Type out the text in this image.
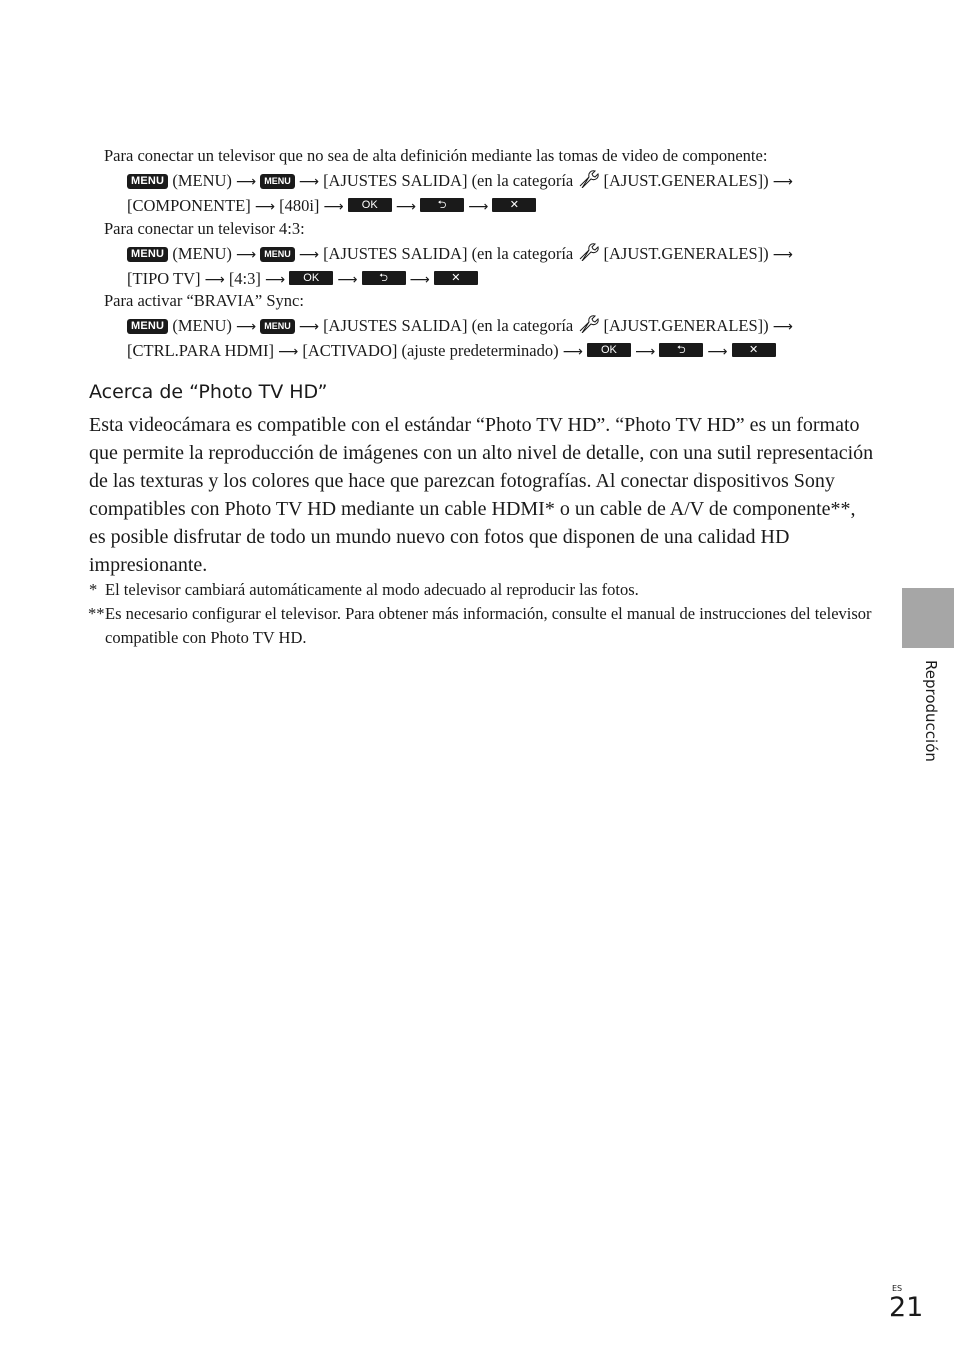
Para conectar un televisor que no sea de alta definición mediante las tomas de video de componente:

MENU (MENU) ⟶ MENU ⟶ [AJUSTES SALIDA] (en la categoría [AJUST.GENERALES]) ⟶
[COMPONENTE] ⟶ [480i] ⟶ OK ⟶ ⮌ ⟶ ✕

Para conectar un televisor 4:3:

MENU (MENU) ⟶ MENU ⟶ [AJUSTES SALIDA] (en la categoría [AJUST.GENERALES]) ⟶
[TIPO TV] ⟶ [4:3] ⟶ OK ⟶ ⮌ ⟶ ✕

Para activar “BRAVIA” Sync:

MENU (MENU) ⟶ MENU ⟶ [AJUSTES SALIDA] (en la categoría [AJUST.GENERALES]) ⟶
[CTRL.PARA HDMI] ⟶ [ACTIVADO] (ajuste predeterminado) ⟶ OK ⟶ ⮌ ⟶ ✕

Acerca de “Photo TV HD”

Esta videocámara es compatible con el estándar “Photo TV HD”. “Photo TV HD” es un formato que permite la reproducción de imágenes con un alto nivel de detalle, con una sutil representación de las texturas y los colores que hace que parezcan fotografías. Al conectar dispositivos Sony compatibles con Photo TV HD mediante un cable HDMI* o un cable de A/V de componente**, es posible disfrutar de todo un mundo nuevo con fotos que disponen de una calidad HD impresionante.

* El televisor cambiará automáticamente al modo adecuado al reproducir las fotos.

** Es necesario configurar el televisor. Para obtener más información, consulte el manual de instrucciones del televisor compatible con Photo TV HD.

Reproducción
ES
21
